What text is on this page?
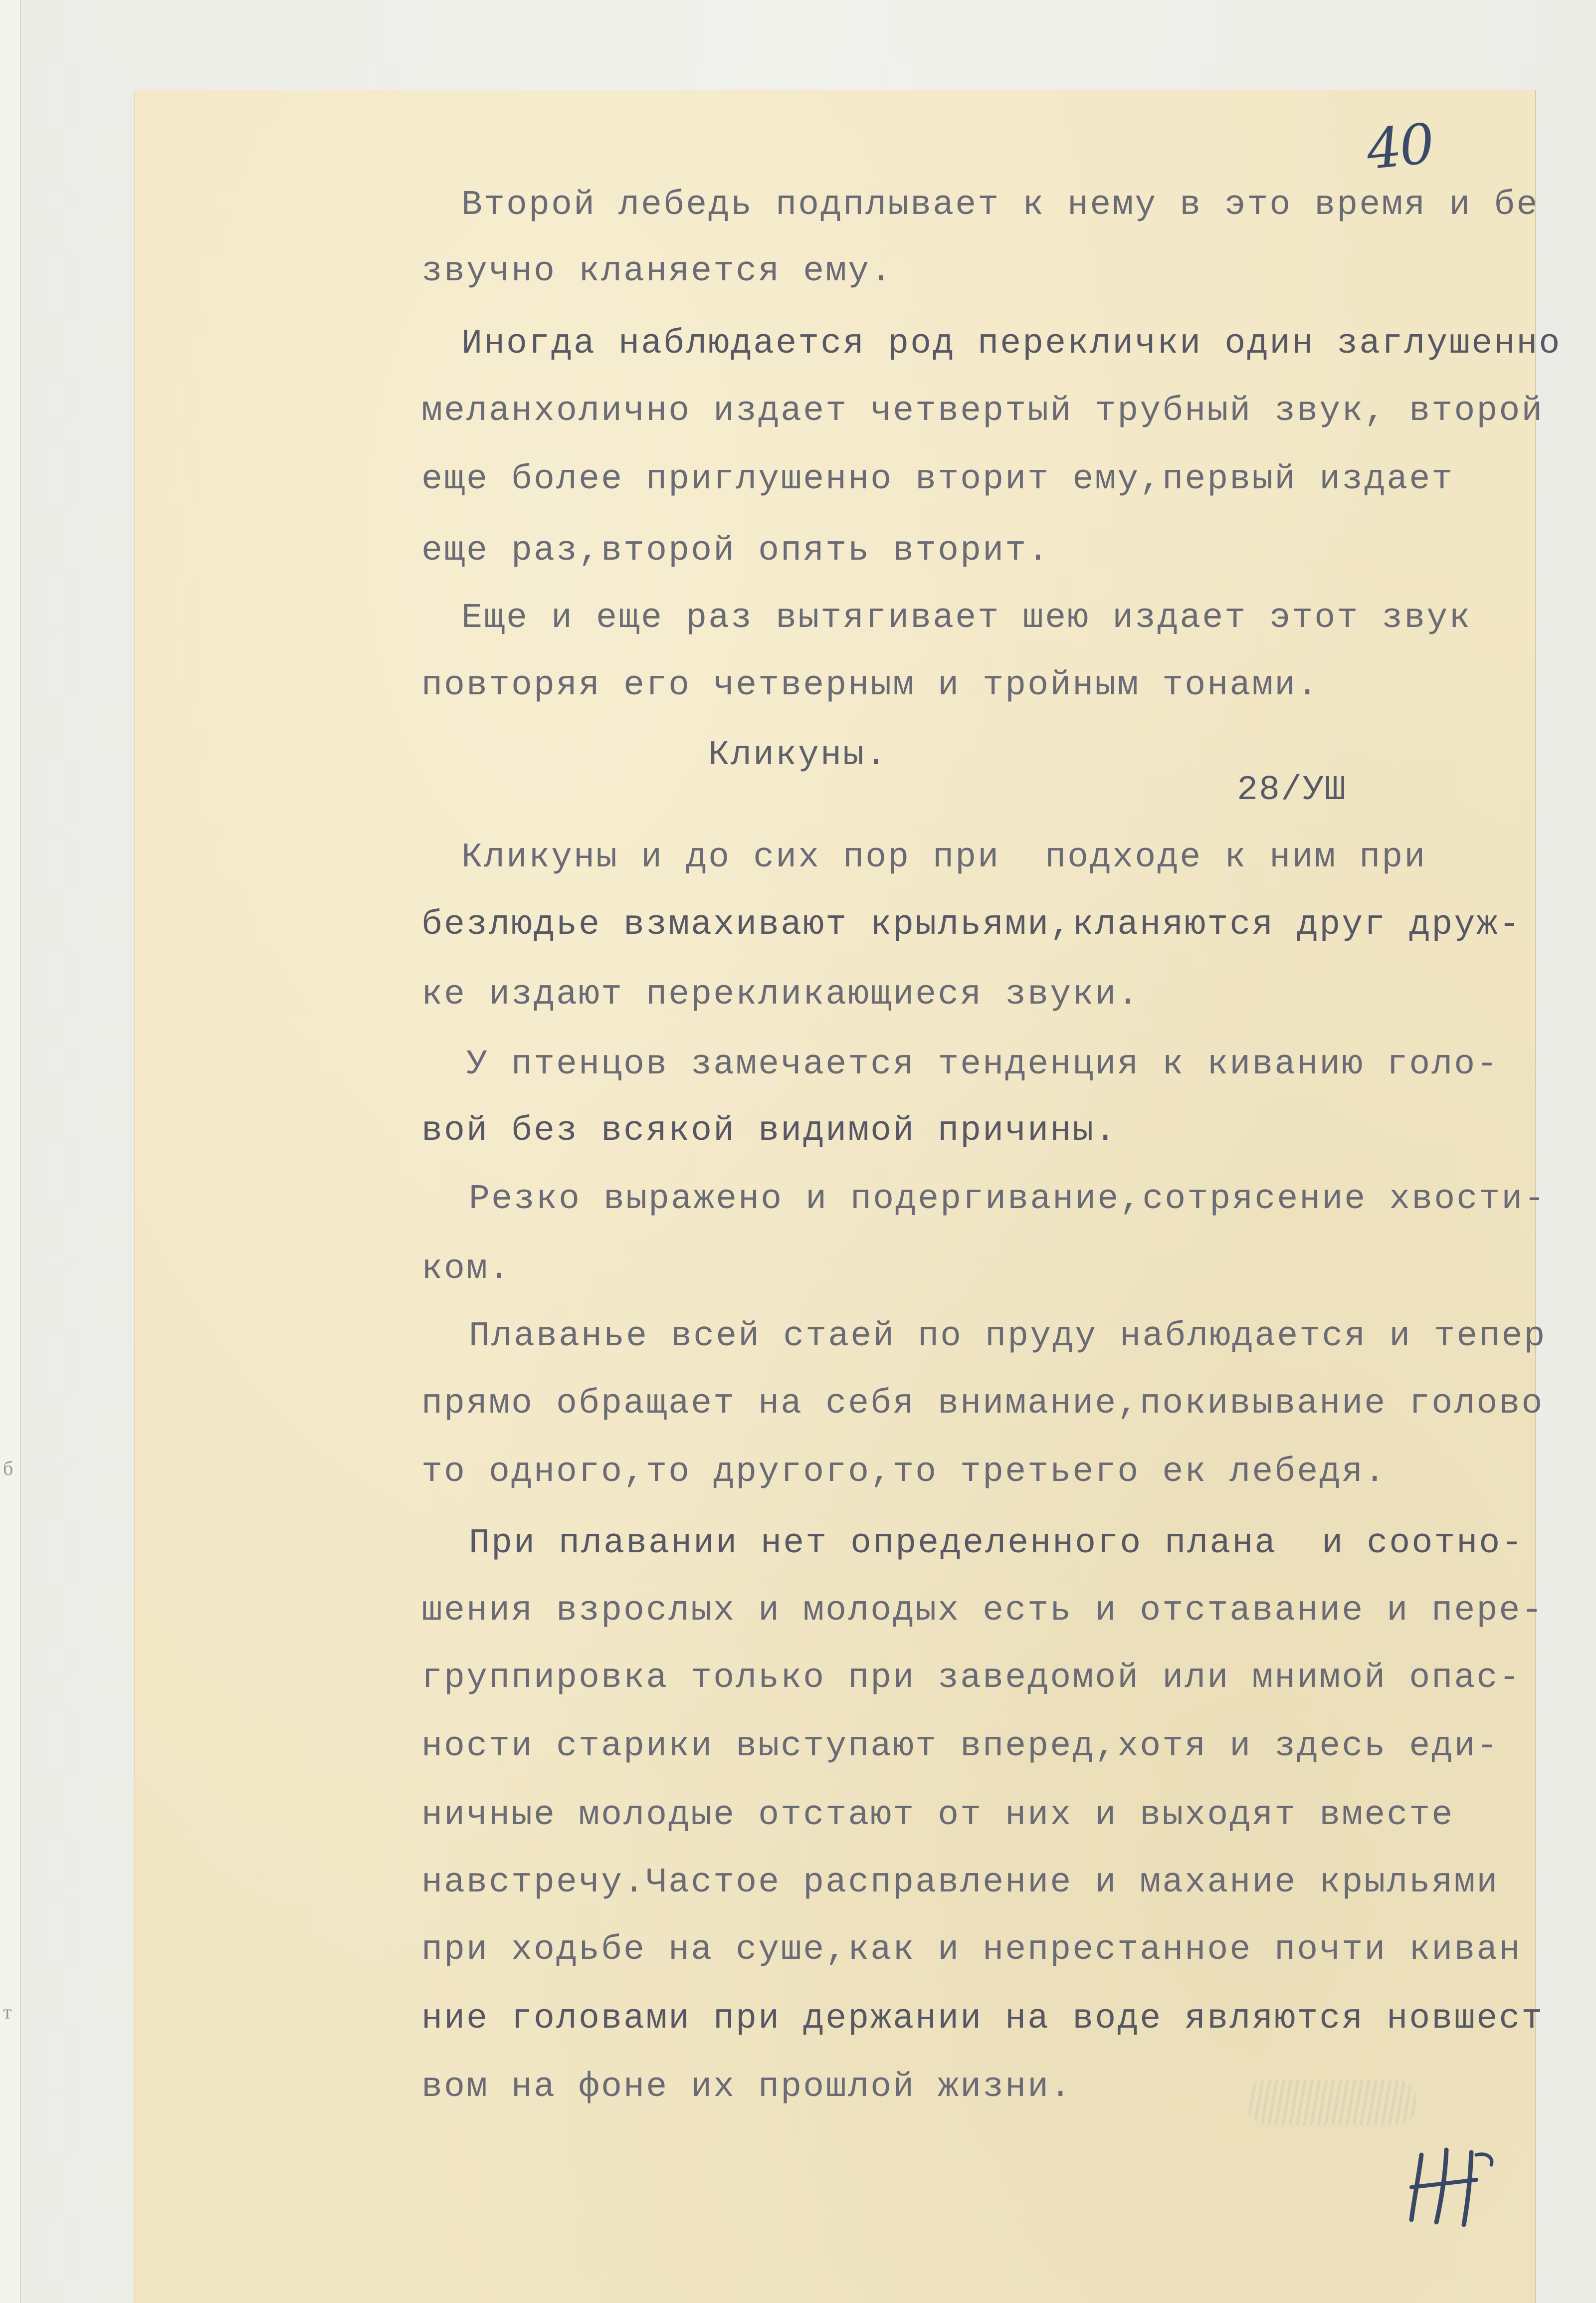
б
т
40

Второй лебедь подплывает к нему в это время и бе

звучно кланяется ему.

Иногда наблюдается род переклички один заглушенно

меланхолично издает четвертый трубный звук, второй

еще более приглушенно вторит ему,первый издает

еще раз,второй опять вторит.

Еще и еще раз вытягивает шею издает этот звук

повторяя его четверным и тройным тонами.

Кликуны.
28/УШ

Кликуны и до сих пор при  подходе к ним при

безлюдье взмахивают крыльями,кланяются друг друж-

ке издают перекликающиеся звуки.

У птенцов замечается тенденция к киванию голо-

вой без всякой видимой причины.

Резко выражено и подергивание,сотрясение хвости-

ком.

Плаванье всей стаей по пруду наблюдается и тепер

прямо обращает на себя внимание,покивывание голово

то одного,то другого,то третьего ек лебедя.

При плавании нет определенного плана  и соотно-

шения взрослых и молодых есть и отставание и пере-

группировка только при заведомой или мнимой опас-

ности старики выступают вперед,хотя и здесь еди-

ничные молодые отстают от них и выходят вместе

навстречу.Частое расправление и махание крыльями

при ходьбе на суше,как и непрестанное почти киван

ние головами при держании на воде являются новшест

вом на фоне их прошлой жизни.
